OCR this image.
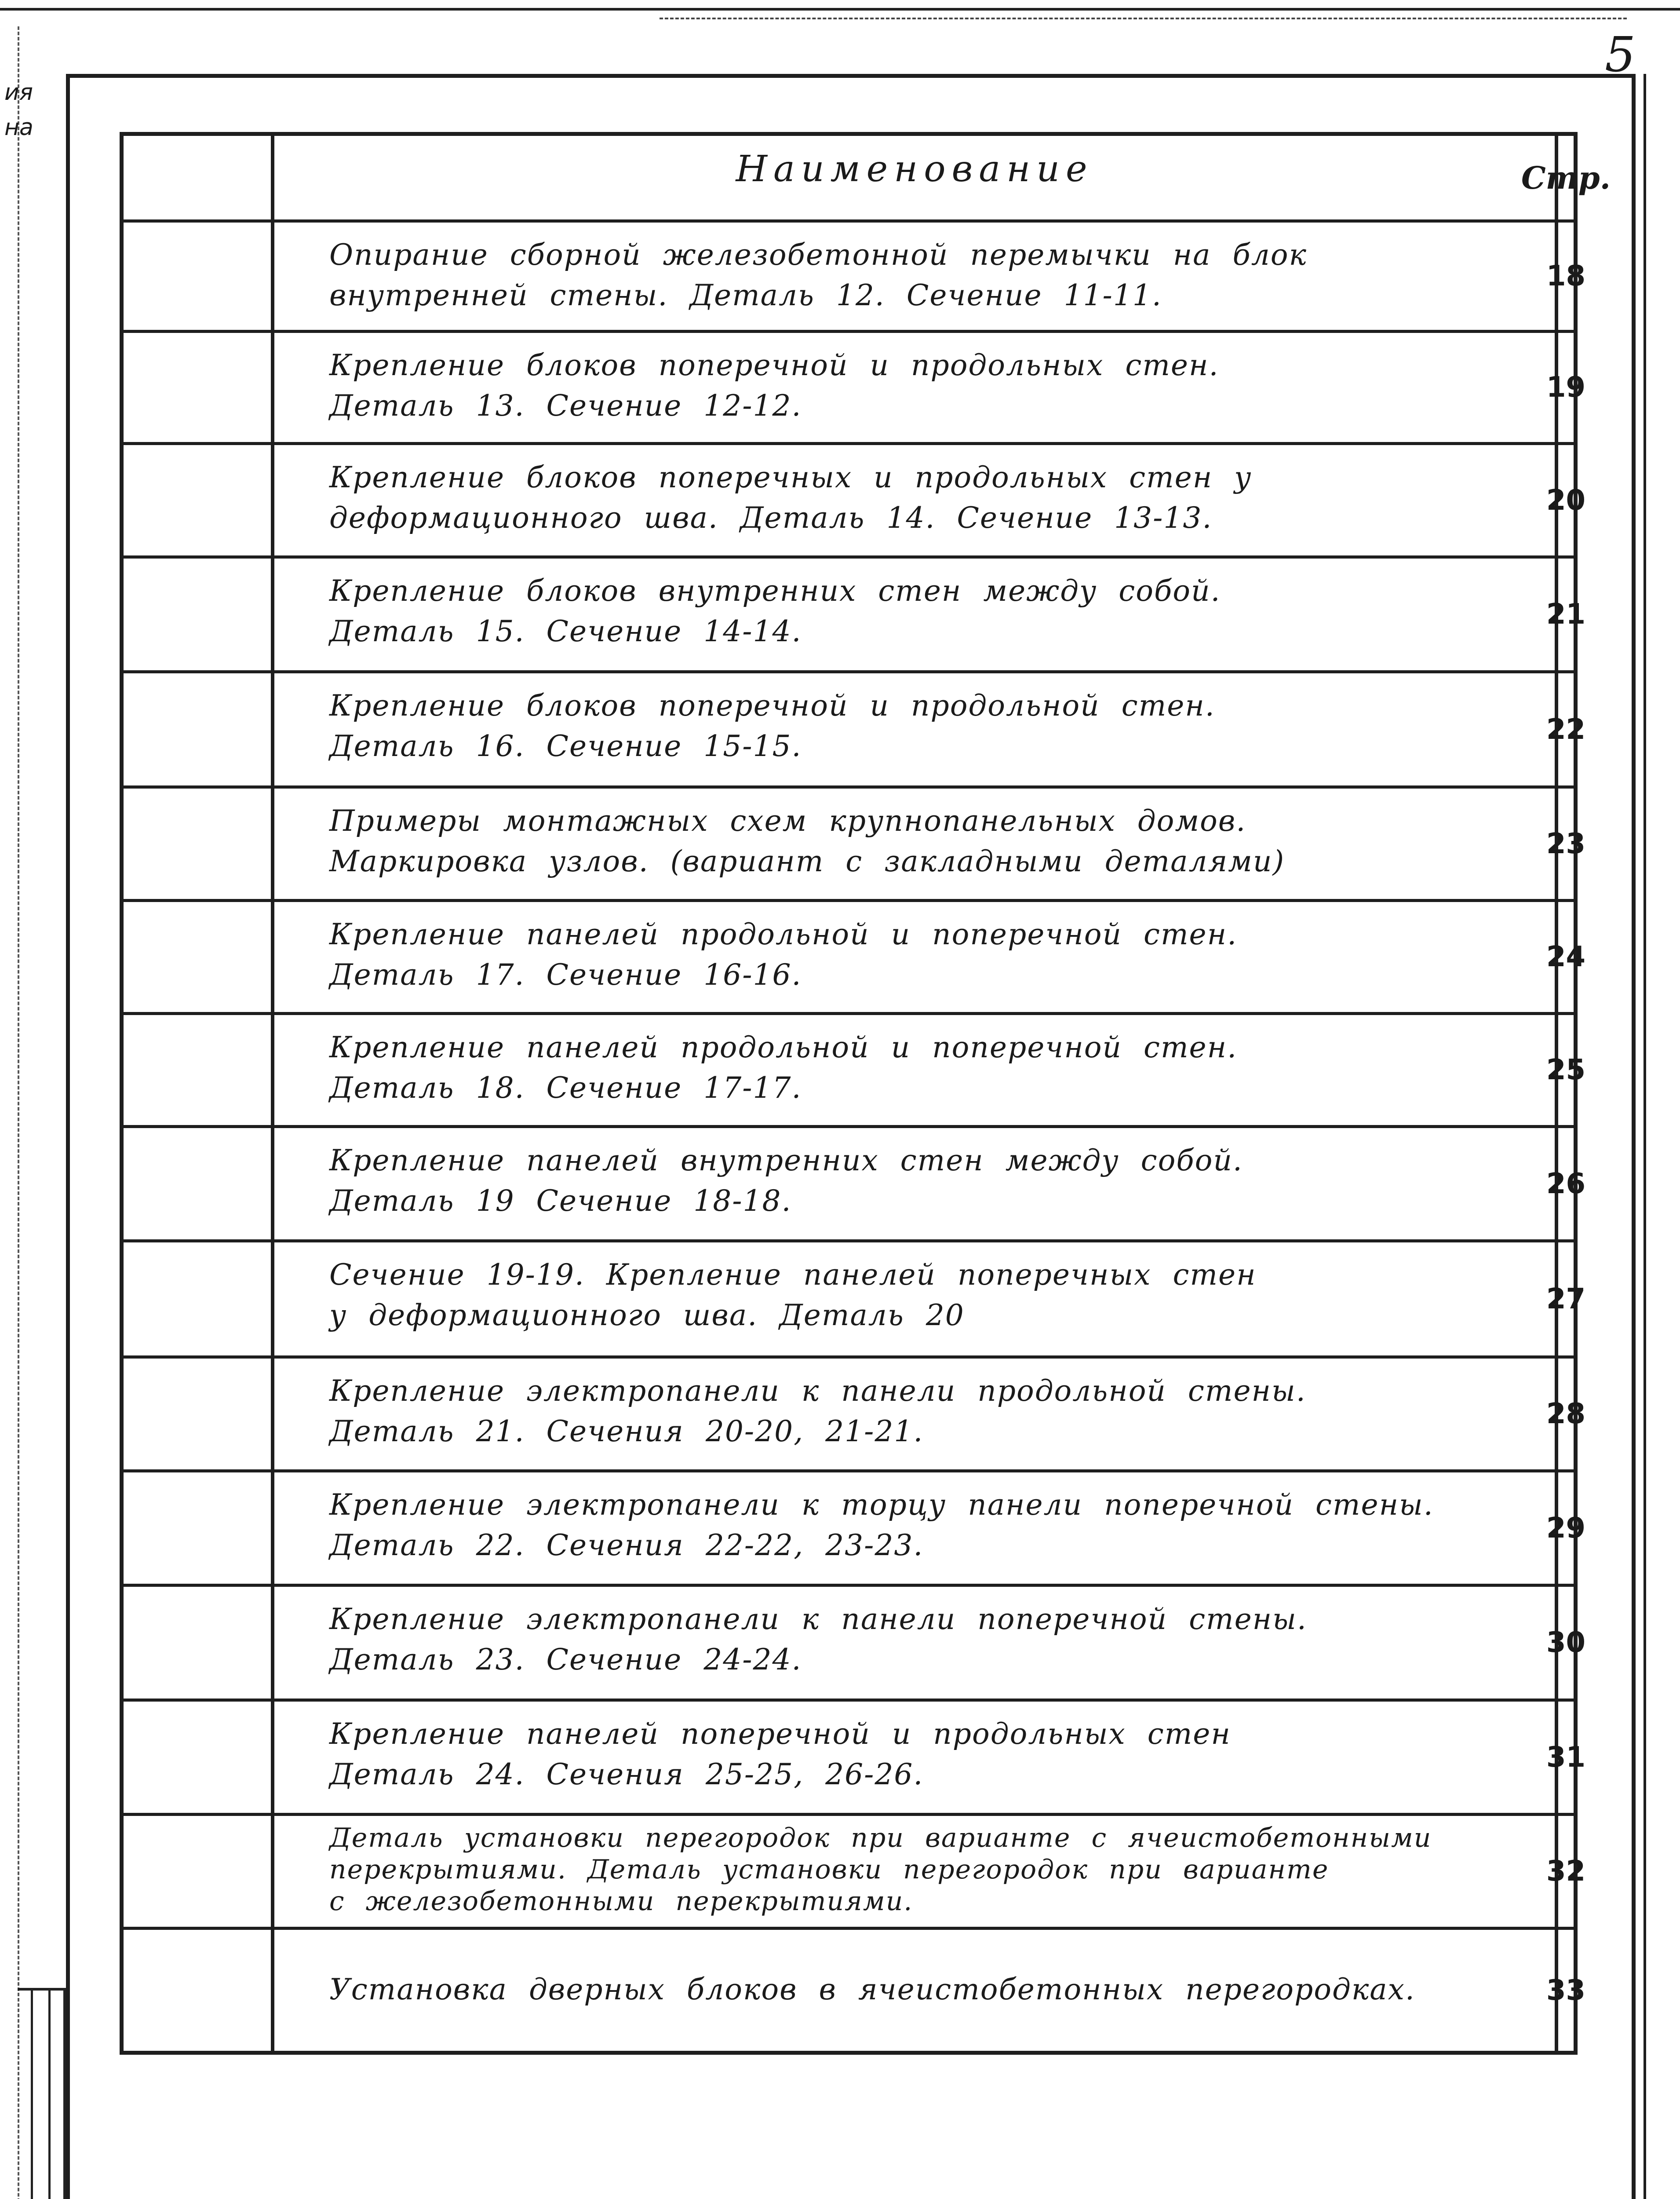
ия
на
5
Наименование	Стр.
Опирание сборной железобетонной перемычки на блок
внутренней стены. Деталь 12. Сечение 11-11.
18
Крепление блоков поперечной и продольных стен.
Деталь 13. Сечение 12-12.
19
Крепление блоков поперечных и продольных стен у
деформационного шва. Деталь 14. Сечение 13-13.
20
Крепление блоков внутренних стен между собой.
Деталь 15. Сечение 14-14.	21
Крепление блоков поперечной и продольной стен.
Деталь 16. Сечение 15-15.	22
Примеры монтажных схем крупнопанельных домов.
Маркировка узлов. (вариант с закладными деталями)
23
Крепление панелей продольной и поперечной стен.
Деталь 17. Сечение 16-16.
24
Крепление панелей продольной и поперечной стен.
Деталь 18. Сечение 17-17.
25
Крепление панелей внутренних стен между собой.
Деталь 19 Сечение 18-18.
26
Сечение 19-19. Крепление панелей поперечных стен
у деформационного шва. Деталь 20	27
Крепление электропанели к панели продольной стены.
Деталь 21. Сечения 20-20, 21-21.
28
Крепление электропанели к торцу панели поперечной стены.
Деталь 22. Сечения 22-22, 23-23.
29
Крепление электропанели к панели поперечной стены.
Деталь 23. Сечение 24-24.	30
Крепление панелей поперечной и продольных стен
Деталь 24. Сечения 25-25, 26-26.
31
Деталь установки перегородок при варианте с ячеистобетонными
перекрытиями. Деталь установки перегородок при варианте
с железобетонными перекрытиями.
32
Установка дверных блоков в ячеистобетонных перегородках.	33
